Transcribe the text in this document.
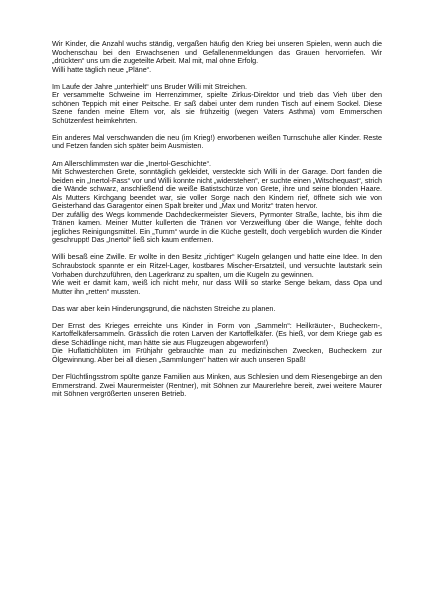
Wir Kinder, die Anzahl wuchs ständig, vergaßen häufig den Krieg bei unseren Spielen, wenn auch die Wochenschau bei den Erwachsenen und Gefallenenmeldungen das Grauen hervorriefen. Wir „drückten“ uns um die zugeteilte Arbeit. Mal mit, mal ohne Erfolg.
Willi hatte täglich neue „Pläne“.

Im Laufe der Jahre „unterhielt“ uns Bruder Willi mit Streichen.
Er versammelte Schweine im Herrenzimmer, spielte Zirkus-Direktor und trieb das Vieh über den schönen Teppich mit einer Peitsche. Er saß dabei unter dem runden Tisch auf einem Sockel. Diese Szene fanden meine Eltern vor, als sie frühzeitig (wegen Vaters Asthma) vom Emmerschen Schützenfest heimkehrten.

Ein anderes Mal verschwanden die neu (im Krieg!) erworbenen weißen Turnschuhe aller Kinder. Reste und Fetzen fanden sich später beim Ausmisten.

Am Allerschlimmsten war die „Inertol-Geschichte“.
Mit Schwesterchen Grete, sonntäglich gekleidet, versteckte sich Willi in der Garage. Dort fanden die beiden ein „Inertol-Fass“ vor und Willi konnte nicht „widerstehen“, er suchte einen „Witschequast“, strich die Wände schwarz, anschließend die weiße Batistschürze von Grete, ihre und seine blonden Haare. Als Mutters Kirchgang beendet war, sie voller Sorge nach den Kindern rief, öffnete sich wie von Geisterhand das Garagentor einen Spalt breiter und „Max und Moritz“ traten hervor.
Der zufällig des Wegs kommende Dachdeckermeister Sievers, Pyrmonter Straße, lachte, bis ihm die Tränen kamen. Meiner Mutter kullerten die Tränen vor Verzweiflung über die Wange, fehlte doch jegliches Reinigungsmittel. Ein „Tumm“ wurde in die Küche gestellt, doch vergeblich wurden die Kinder geschruppt! Das „Inertol“ ließ sich kaum entfernen.

Willi besaß eine Zwille. Er wollte in den Besitz „richtiger“ Kugeln gelangen und hatte eine Idee. In den Schraubstock spannte er ein Ritzel-Lager, kostbares Mischer-Ersatzteil, und versuchte lautstark sein Vorhaben durchzuführen, den Lagerkranz zu spalten, um die Kugeln zu gewinnen.
Wie weit er damit kam, weiß ich nicht mehr, nur dass Willi so starke Senge bekam, dass Opa und Mutter ihn „retten“ mussten.

Das war aber kein Hinderungsgrund, die nächsten Streiche zu planen.

Der Ernst des Krieges erreichte uns Kinder in Form von „Sammeln“: Heilkräuter-, Bucheckern-, Kartoffelkäfersammeln. Grässlich die roten Larven der Kartoffelkäfer. (Es hieß, vor dem Kriege gab es diese Schädlinge nicht, man hätte sie aus Flugzeugen abgeworfen!)
Die Huflattichblüten im Frühjahr gebrauchte man zu medizinischen Zwecken, Bucheckern zur Ölgewinnung. Aber bei all diesen „Sammlungen“ hatten wir auch unseren Spaß!

Der Flüchtlingsstrom spülte ganze Familien aus Minken, aus Schlesien und dem Riesengebirge an den Emmerstrand. Zwei Maurermeister (Rentner), mit Söhnen zur Maurerlehre bereit, zwei weitere Maurer mit Söhnen vergrößerten unseren Betrieb.
